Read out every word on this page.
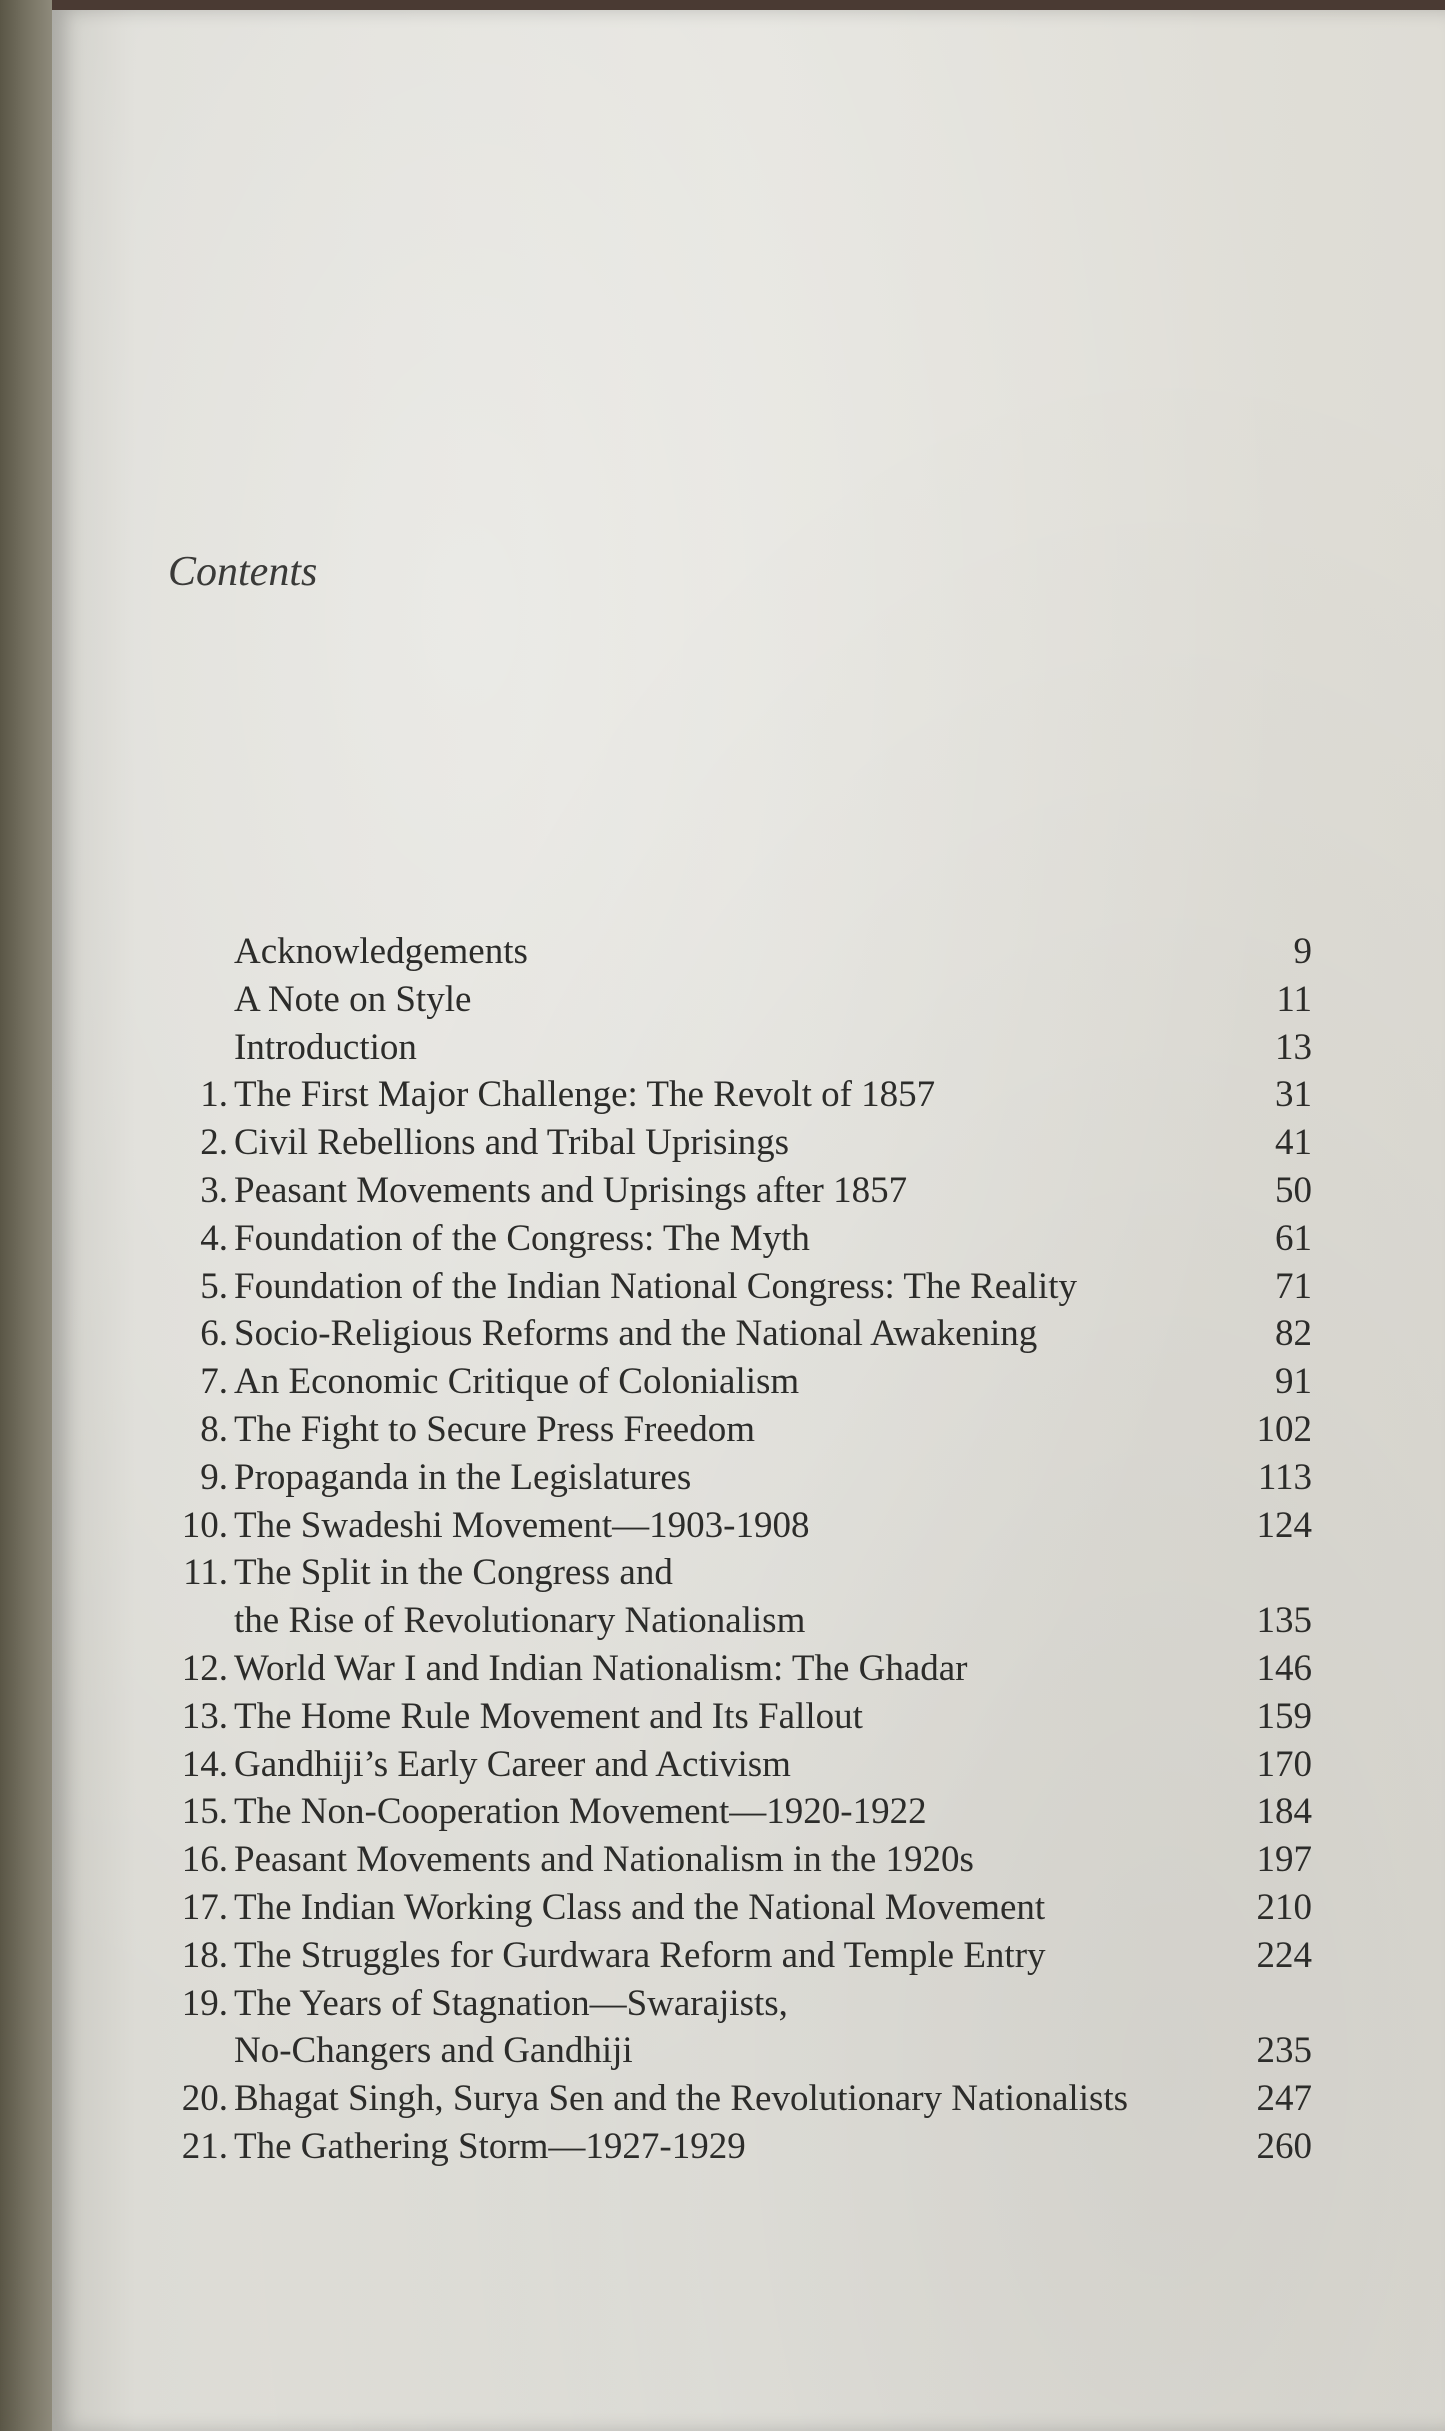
Contents
Acknowledgements	9
A Note on Style	11
Introduction	13
1. The First Major Challenge: The Revolt of 1857	31
2. Civil Rebellions and Tribal Uprisings	41
3. Peasant Movements and Uprisings after 1857	50
4. Foundation of the Congress: The Myth	61
5. Foundation of the Indian National Congress: The Reality	71
6. Socio-Religious Reforms and the National Awakening	82
7. An Economic Critique of Colonialism	91
8. The Fight to Secure Press Freedom	102
9. Propaganda in the Legislatures	113
10. The Swadeshi Movement—1903-1908	124
11. The Split in the Congress and
the Rise of Revolutionary Nationalism	135
12. World War I and Indian Nationalism: The Ghadar	146
13. The Home Rule Movement and Its Fallout	159
14. Gandhiji’s Early Career and Activism	170
15. The Non-Cooperation Movement—1920-1922	184
16. Peasant Movements and Nationalism in the 1920s	197
17. The Indian Working Class and the National Movement	210
18. The Struggles for Gurdwara Reform and Temple Entry	224
19. The Years of Stagnation—Swarajists,
No-Changers and Gandhiji	235
20. Bhagat Singh, Surya Sen and the Revolutionary Nationalists	247
21. The Gathering Storm—1927-1929	260
